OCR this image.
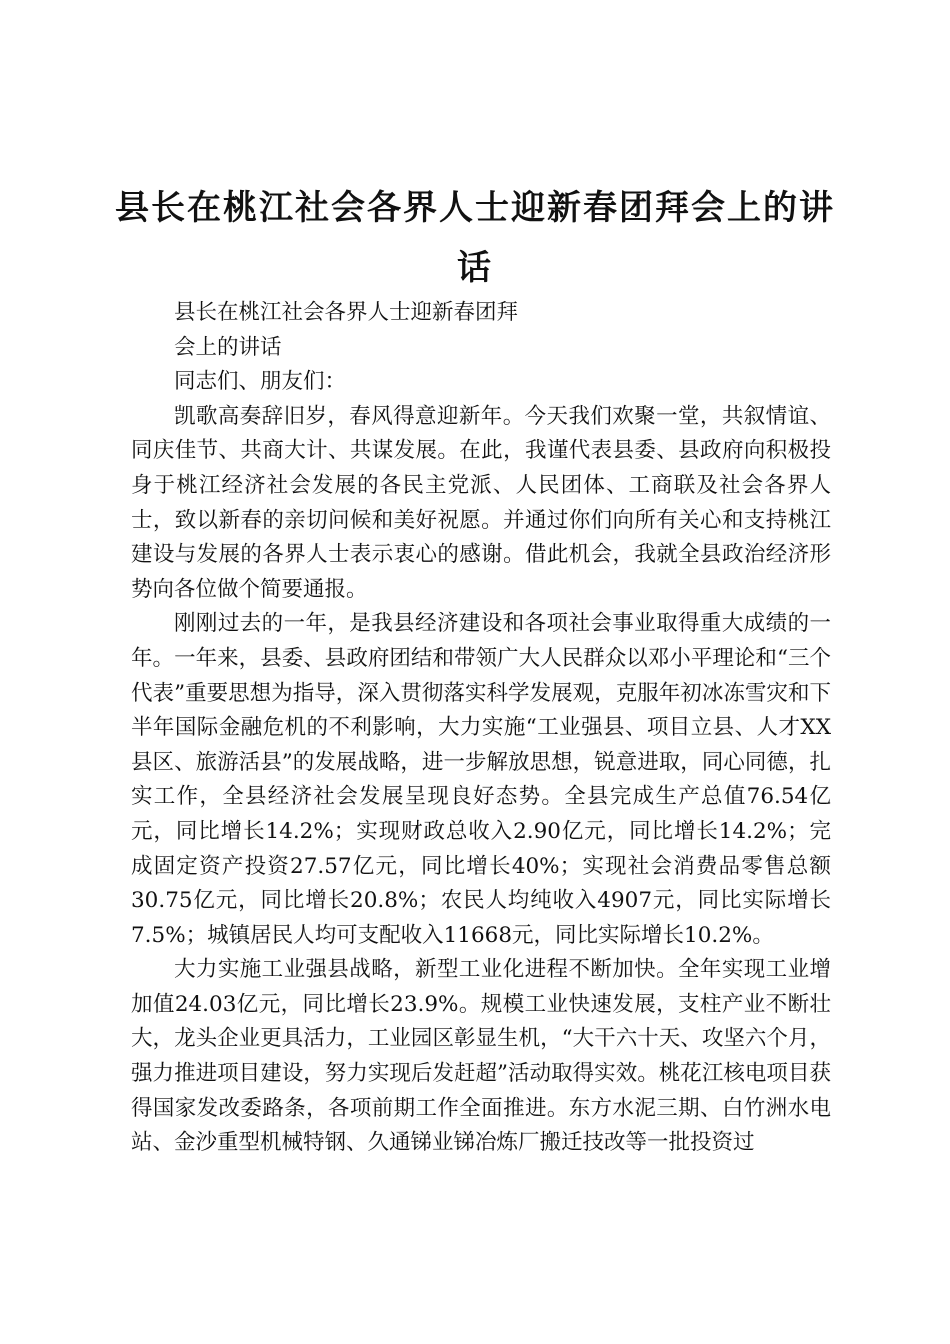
县长在桃江社会各界人士迎新春团拜会上的讲话

县长在桃江社会各界人士迎新春团拜

会上的讲话

同志们、朋友们：

凯歌高奏辞旧岁，春风得意迎新年。今天我们欢聚一堂，共叙情谊、同庆佳节、共商大计、共谋发展。在此，我谨代表县委、县政府向积极投身于桃江经济社会发展的各民主党派、人民团体、工商联及社会各界人士，致以新春的亲切问候和美好祝愿。并通过你们向所有关心和支持桃江建设与发展的各界人士表示衷心的感谢。借此机会，我就全县政治经济形势向各位做个简要通报。

刚刚过去的一年，是我县经济建设和各项社会事业取得重大成绩的一年。一年来，县委、县政府团结和带领广大人民群众以邓小平理论和“三个代表”重要思想为指导，深入贯彻落实科学发展观，克服年初冰冻雪灾和下半年国际金融危机的不利影响，大力实施“工业强县、项目立县、人才XX县区、旅游活县”的发展战略，进一步解放思想，锐意进取，同心同德，扎实工作，全县经济社会发展呈现良好态势。全县完成生产总值76.54亿元，同比增长14.2%；实现财政总收入2.90亿元，同比增长14.2%；完成固定资产投资27.57亿元，同比增长40%；实现社会消费品零售总额30.75亿元，同比增长20.8%；农民人均纯收入4907元，同比实际增长7.5%；城镇居民人均可支配收入11668元，同比实际增长10.2%。

大力实施工业强县战略，新型工业化进程不断加快。全年实现工业增加值24.03亿元，同比增长23.9%。规模工业快速发展，支柱产业不断壮大，龙头企业更具活力，工业园区彰显生机，“大干六十天、攻坚六个月，强力推进项目建设，努力实现后发赶超”活动取得实效。桃花江核电项目获得国家发改委路条，各项前期工作全面推进。东方水泥三期、白竹洲水电站、金沙重型机械特钢、久通锑业锑冶炼厂搬迁技改等一批投资过
